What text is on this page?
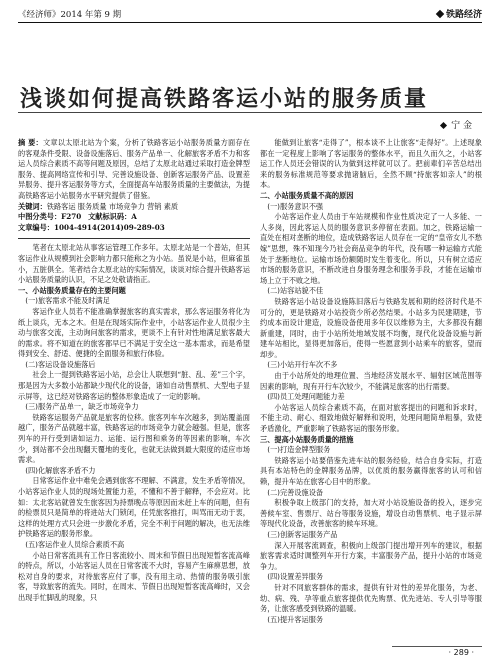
《经济师》2014 年第 9 期	铁路经济
浅谈如何提高铁路客运小站的服务质量
宁 金

摘 要：文章以太原北站为个案，分析了铁路客运小站服务质量方面存在的客观条件受限、设备设施落后、服务产品单一、化解旅客矛盾不力和客运人员综合素质不高等问题及原因，总结了太原北站通过采取打造金牌型服务、提高网络宣传和引导、完善设施设备、创新客运服务产品、设置差异服务、提升客运服务等方式，全面提高车站服务质量的主要做法，为提高铁路客运小站服务水平研究提供了借鉴。

关键词：铁路客运 服务质量 市场竞争力 营销 素质

中图分类号：F270 文献标识码：A

文章编号：1004-4914(2014)09-289-03

笔者在太原北站从事客运管理工作多年。太原北站是一个普站，但其客运作业从规模到社会影响力都只能称之为小站。虽说是小站，但麻雀虽小，五脏俱全。笔者结合太原北站的实际情况，谈谈对综合提升铁路客运小站服务质量的认识，不足之处敬请指正。

一、小站服务质量存在的主要问题

(一)旅客需求不能及时满足

客运作业人员若不能准确掌握旅客的真实需求，那么客运服务将化为纸上谈兵，无本之木。但是在现场实际作业中，小站客运作业人员很少主动与旅客交流，主动询问旅客的需求，更谈不上有针对性地满足旅客最大的需求。将不知道在的旅客都早已不满足于安全这一基本需求，而是希望得到安全、舒适、便捷的全面服务和旅行体验。

(二)客运设备设施落后

社会上一提到铁路客运小站，总会让人联想到“脏、乱、差”三个字，那是因为大多数小站都缺少现代化的设备，诸如自动售票机、大型电子显示屏等，这已经对铁路客运的整体形象造成了一定的影响。

(三)服务产品单一，缺乏市场竞争力

铁路客运服务产品就是旅客的位移。旅客列车车次越多，到站覆盖面越广，服务产品就越丰富，铁路客运的市场竞争力就会越强。但是，旅客列车的开行受到诸如运力、运能、运行图和乘务的等因素的影响，车次少，到站都不会出现翻天覆地的变化，也就无法做到最大限度的适应市场需求。

(四)化解旅客矛盾不力

日常客运作业中难免会遇到旅客不理解、不满意，发生矛盾等情况，小站客运作业人员的现场处置能力差，不懂和不善于解释，不会应对。比如：太北客站就曾发生旅客因为持票晚点等原因而未赶上车的问题，但有的检票员只是简单的将进站大门锁闭，任凭旅客推打，叫骂而无动于衷，这样的处理方式只会进一步激化矛盾，完全不利于问题的解决，也无法维护铁路客运的服务形象。

(五)客运作业人员综合素质不高

小站日常客流具有工作日客流较小、周末和节假日出现短暂客流高峰的特点，所以，小站客运人员在日常客流不大时，容易产生麻痹思想，放松对自身的要求，对待旅客应付了事，没有用主动、热情的服务吸引旅客，导致旅客的流失。同时，在周末、节假日出现短暂客流高峰时，又会出现手忙脚乱的现象，只

能做到让旅客“走得了”，根本谈不上让旅客“走得好”。上述现象都在一定程度上影响了客运服务的整体水平，而且久而久之，小站客运工作人员还会错误的认为做到这样就可以了。把前辈们辛苦总结出来的服务标准规范等要求抛诸脑后，全然不顾“持旅客如亲人”的根本。

二、小站服务质量不高的原因

(一)服务意识不强

小站客运作业人员由于车站规模和作业性质决定了一人多能、一人多岗，因此客运人员的服务意识多停留在表面。加之，铁路运输一直处在相对垄断的地位，造成铁路客运人员存在一定的“皇帝女儿不愁嫁”思想，殊不知现今乃社会商品竞争的年代，没有哪一种运输方式能处于垄断地位。运输市场份额随时发生着变化。所以，只有树立适应市场的服务意识，不断改进自身服务理念和服务手段，才能在运输市场上立于不败之地。

(二)站容站貌不佳

铁路客运小站设备设施陈旧落后与铁路发展和期的经济时代是不可分的，更是铁路对小站投资少所必然结果。小站多为民建期建，节约成本而设计建造，设施设备使用多年仅以维修为主，大多都没有翻新重建，同时，由于小站所处地域发展不均衡，现代化设备设施与新建车站相比，显得更加落后，使得一些愿意到小站乘车的旅客，望而却步。

(三)小站开行车次不多

由于小站所处的地理位置、当地经济发展水平、辐射区域范围等因素的影响，现有开行车次较少，不能满足旅客的出行需要。

(四)员工处理问题能力差

小站客运人员综合素质不高，在面对旅客提出的问题和诉求时，不能主动、耐心、细致地做好解释和说明，处理问题简单粗暴，致使矛盾激化，严重影响了铁路客运的服务形象。

三、提高小站服务质量的措施

(一)打造金牌型服务

铁路客运小站要借鉴先进车站的服务经验，结合自身实际，打造具有本站特色的金牌服务品牌，以优质的服务赢得旅客的认可和信赖，提升车站在旅客心目中的形象。

(二)完善设施设备

积极争取上级部门的支持，加大对小站设施设备的投入，逐步完善候车室、售票厅、站台等服务设施，增设自动售票机、电子显示屏等现代化设备，改善旅客的候车环境。

(三)创新客运服务产品

深入开展客流调查，积极向上级部门提出增开列车的建议，根据旅客需求适时调整列车开行方案，丰富服务产品，提升小站的市场竞争力。

(四)设置差异服务

针对不同旅客群体的需求，提供有针对性的差异化服务，为老、幼、病、残、孕等重点旅客提供优先购票、优先进站、专人引导等服务，让旅客感受到铁路的温暖。

(五)提升客运服务

· 289 ·
